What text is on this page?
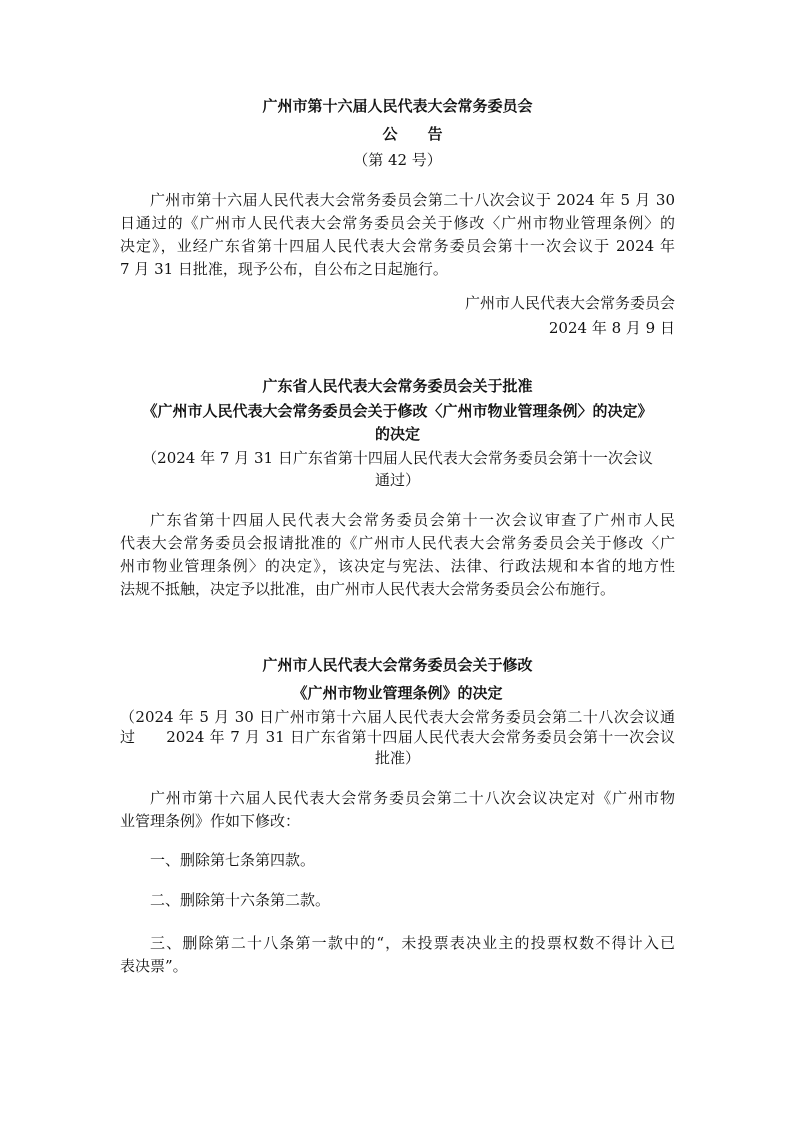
广州市第十六届人民代表大会常务委员会
公告
（第 42 号）
广州市第十六届人民代表大会常务委员会第二十八次会议于 2024 年 5 月 30
日通过的《广州市人民代表大会常务委员会关于修改〈广州市物业管理条例〉的
决定》，业经广东省第十四届人民代表大会常务委员会第十一次会议于 2024 年
7 月 31 日批准，现予公布，自公布之日起施行。
广州市人民代表大会常务委员会
2024 年 8 月 9 日
广东省人民代表大会常务委员会关于批准
《广州市人民代表大会常务委员会关于修改〈广州市物业管理条例〉的决定》
的决定
（2024 年 7 月 31 日广东省第十四届人民代表大会常务委员会第十一次会议
通过）
广东省第十四届人民代表大会常务委员会第十一次会议审查了广州市人民
代表大会常务委员会报请批准的《广州市人民代表大会常务委员会关于修改〈广
州市物业管理条例〉的决定》，该决定与宪法、法律、行政法规和本省的地方性
法规不抵触，决定予以批准，由广州市人民代表大会常务委员会公布施行。
广州市人民代表大会常务委员会关于修改
《广州市物业管理条例》的决定
（2024 年 5 月 30 日广州市第十六届人民代表大会常务委员会第二十八次会议通
过　　2024 年 7 月 31 日广东省第十四届人民代表大会常务委员会第十一次会议
批准）
广州市第十六届人民代表大会常务委员会第二十八次会议决定对《广州市物
业管理条例》作如下修改：
一、删除第七条第四款。
二、删除第十六条第二款。
三、删除第二十八条第一款中的“，未投票表决业主的投票权数不得计入已
表决票”。
